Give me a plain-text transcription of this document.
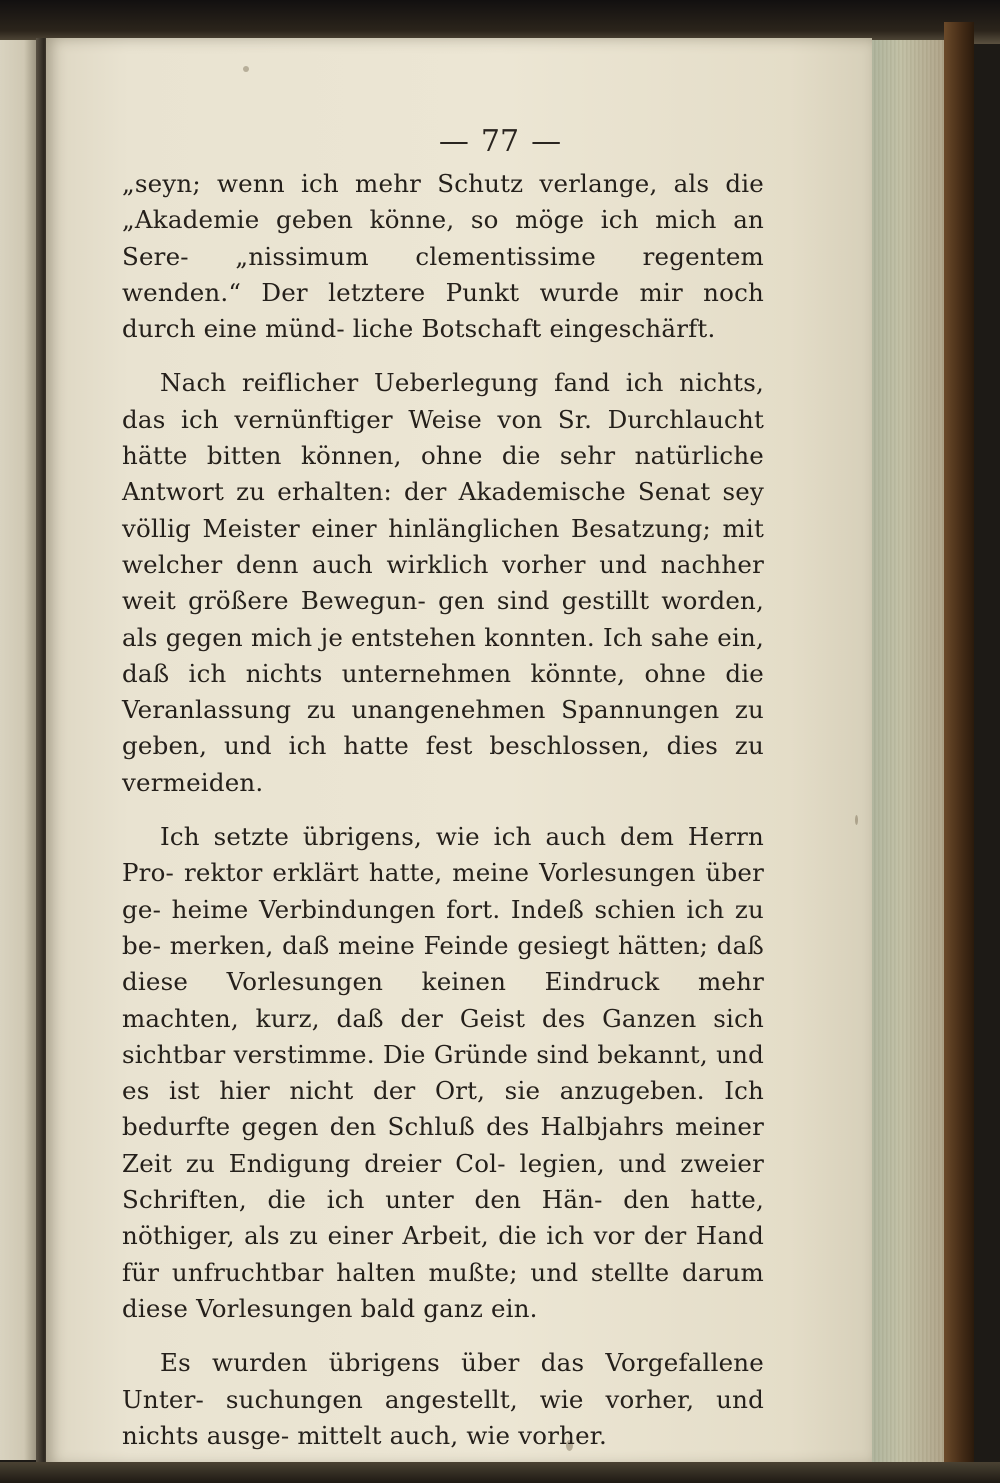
— 77 —

„seyn; wenn ich mehr Schutz verlange, als die „Akademie geben könne, so möge ich mich an Sere- „nissimum clementissime regentem wenden.“ Der letztere Punkt wurde mir noch durch eine münd- liche Botschaft eingeschärft.

Nach reiflicher Ueberlegung fand ich nichts, das ich vernünftiger Weise von Sr. Durchlaucht hätte bitten können, ohne die sehr natürliche Antwort zu erhalten: der Akademische Senat sey völlig Meister einer hinlänglichen Besatzung; mit welcher denn auch wirklich vorher und nachher weit größere Bewegun- gen sind gestillt worden, als gegen mich je entstehen konnten. Ich sahe ein, daß ich nichts unternehmen könnte, ohne die Veranlassung zu unangenehmen Spannungen zu geben, und ich hatte fest beschlossen, dies zu vermeiden.

Ich setzte übrigens, wie ich auch dem Herrn Pro- rektor erklärt hatte, meine Vorlesungen über ge- heime Verbindungen fort. Indeß schien ich zu be- merken, daß meine Feinde gesiegt hätten; daß diese Vorlesungen keinen Eindruck mehr machten, kurz, daß der Geist des Ganzen sich sichtbar verstimme. Die Gründe sind bekannt, und es ist hier nicht der Ort, sie anzugeben. Ich bedurfte gegen den Schluß des Halbjahrs meiner Zeit zu Endigung dreier Col- legien, und zweier Schriften, die ich unter den Hän- den hatte, nöthiger, als zu einer Arbeit, die ich vor der Hand für unfruchtbar halten mußte; und stellte darum diese Vorlesungen bald ganz ein.

Es wurden übrigens über das Vorgefallene Unter- suchungen angestellt, wie vorher, und nichts ausge- mittelt auch, wie vorher.
